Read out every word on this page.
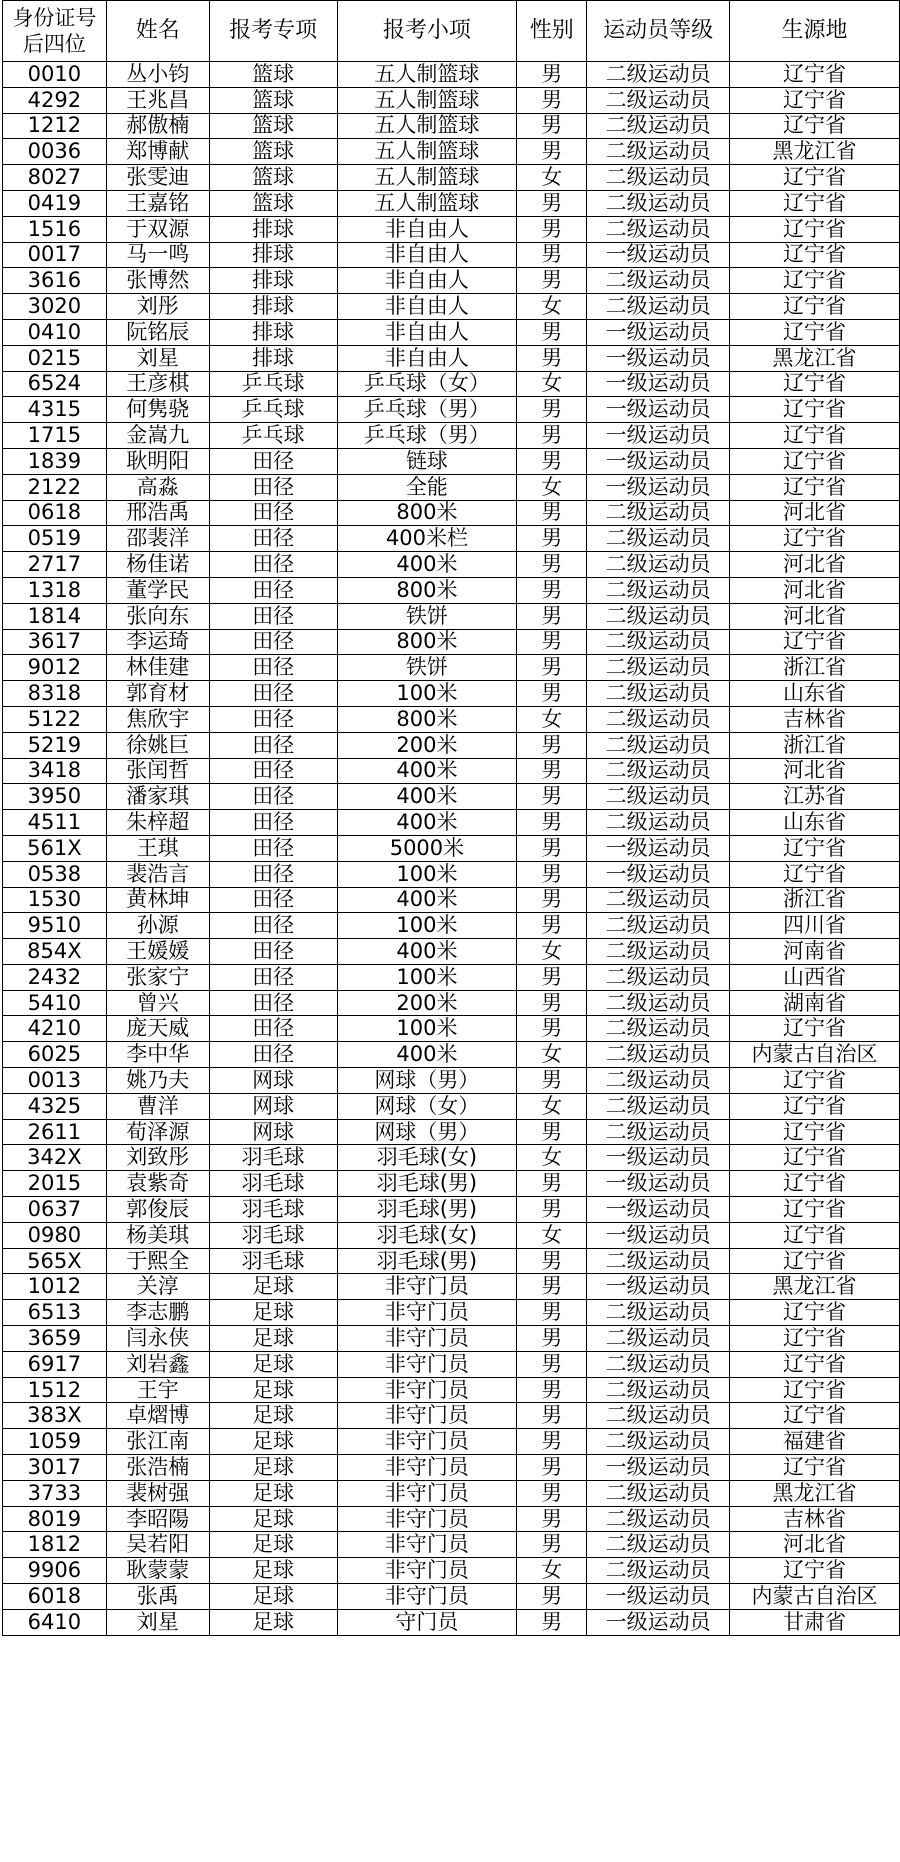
身份证号
后四位	姓名	报考专项	报考小项	性别	运动员等级	生源地
0010	丛小钧	篮球	五人制篮球	男	二级运动员	辽宁省
4292	王兆昌	篮球	五人制篮球	男	二级运动员	辽宁省
1212	郝傲楠	篮球	五人制篮球	男	二级运动员	辽宁省
0036	郑博献	篮球	五人制篮球	男	二级运动员	黑龙江省
8027	张雯迪	篮球	五人制篮球	女	二级运动员	辽宁省
0419	王嘉铭	篮球	五人制篮球	男	二级运动员	辽宁省
1516	于双源	排球	非自由人	男	二级运动员	辽宁省
0017	马一鸣	排球	非自由人	男	一级运动员	辽宁省
3616	张博然	排球	非自由人	男	二级运动员	辽宁省
3020	刘彤	排球	非自由人	女	二级运动员	辽宁省
0410	阮铭辰	排球	非自由人	男	一级运动员	辽宁省
0215	刘星	排球	非自由人	男	一级运动员	黑龙江省
6524	王彦棋	乒乓球	乒乓球（女）	女	一级运动员	辽宁省
4315	何隽骁	乒乓球	乒乓球（男）	男	一级运动员	辽宁省
1715	金嵩九	乒乓球	乒乓球（男）	男	一级运动员	辽宁省
1839	耿明阳	田径	链球	男	一级运动员	辽宁省
2122	高淼	田径	全能	女	一级运动员	辽宁省
0618	邢浩禹	田径	800米	男	二级运动员	河北省
0519	邵裴洋	田径	400米栏	男	二级运动员	辽宁省
2717	杨佳诺	田径	400米	男	二级运动员	河北省
1318	董学民	田径	800米	男	二级运动员	河北省
1814	张向东	田径	铁饼	男	二级运动员	河北省
3617	李运琦	田径	800米	男	二级运动员	辽宁省
9012	林佳建	田径	铁饼	男	二级运动员	浙江省
8318	郭育材	田径	100米	男	二级运动员	山东省
5122	焦欣宇	田径	800米	女	二级运动员	吉林省
5219	徐姚巨	田径	200米	男	二级运动员	浙江省
3418	张闰哲	田径	400米	男	二级运动员	河北省
3950	潘家琪	田径	400米	男	二级运动员	江苏省
4511	朱梓超	田径	400米	男	二级运动员	山东省
561X	王琪	田径	5000米	男	一级运动员	辽宁省
0538	裴浩言	田径	100米	男	一级运动员	辽宁省
1530	黄林坤	田径	400米	男	二级运动员	浙江省
9510	孙源	田径	100米	男	二级运动员	四川省
854X	王媛媛	田径	400米	女	二级运动员	河南省
2432	张家宁	田径	100米	男	二级运动员	山西省
5410	曾兴	田径	200米	男	二级运动员	湖南省
4210	庞天威	田径	100米	男	二级运动员	辽宁省
6025	李中华	田径	400米	女	二级运动员	内蒙古自治区
0013	姚乃夫	网球	网球（男）	男	二级运动员	辽宁省
4325	曹洋	网球	网球（女）	女	二级运动员	辽宁省
2611	荀泽源	网球	网球（男）	男	二级运动员	辽宁省
342X	刘致彤	羽毛球	羽毛球(女)	女	一级运动员	辽宁省
2015	袁紫奇	羽毛球	羽毛球(男)	男	一级运动员	辽宁省
0637	郭俊辰	羽毛球	羽毛球(男)	男	一级运动员	辽宁省
0980	杨美琪	羽毛球	羽毛球(女)	女	一级运动员	辽宁省
565X	于熙全	羽毛球	羽毛球(男)	男	二级运动员	辽宁省
1012	关淳	足球	非守门员	男	一级运动员	黑龙江省
6513	李志鹏	足球	非守门员	男	二级运动员	辽宁省
3659	闫永侠	足球	非守门员	男	二级运动员	辽宁省
6917	刘岩鑫	足球	非守门员	男	二级运动员	辽宁省
1512	王宇	足球	非守门员	男	二级运动员	辽宁省
383X	卓熠博	足球	非守门员	男	二级运动员	辽宁省
1059	张江南	足球	非守门员	男	二级运动员	福建省
3017	张浩楠	足球	非守门员	男	一级运动员	辽宁省
3733	裴树强	足球	非守门员	男	二级运动员	黑龙江省
8019	李昭陽	足球	非守门员	男	二级运动员	吉林省
1812	吴若阳	足球	非守门员	男	二级运动员	河北省
9906	耿蒙蒙	足球	非守门员	女	二级运动员	辽宁省
6018	张禹	足球	非守门员	男	一级运动员	内蒙古自治区
6410	刘星	足球	守门员	男	一级运动员	甘肃省
